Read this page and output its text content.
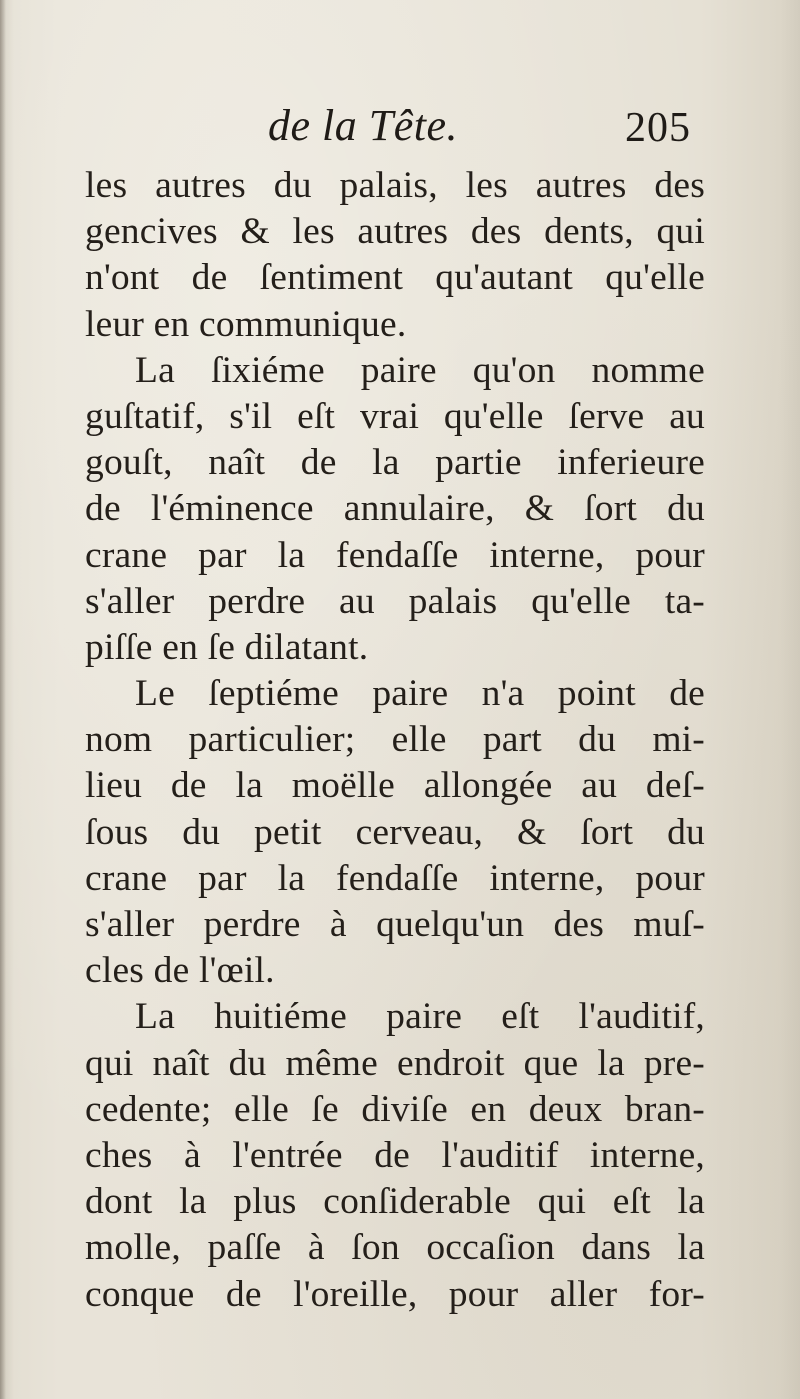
de la Tête.	205
les autres du palais, les autres des
gencives & les autres des dents, qui
n'ont de ſentiment qu'autant qu'elle
leur en communique.
La ſixiéme paire qu'on nomme
guſtatif, s'il eſt vrai qu'elle ſerve au
gouſt, naît de la partie inferieure
de l'éminence annulaire, & ſort du
crane par la fendaſſe interne, pour
s'aller perdre au palais qu'elle ta-
piſſe en ſe dilatant.
Le ſeptiéme paire n'a point de
nom particulier; elle part du mi-
lieu de la moëlle allongée au deſ-
ſous du petit cerveau, & ſort du
crane par la fendaſſe interne, pour
s'aller perdre à quelqu'un des muſ-
cles de l'œil.
La huitiéme paire eſt l'auditif,
qui naît du même endroit que la pre-
cedente; elle ſe diviſe en deux bran-
ches à l'entrée de l'auditif interne,
dont la plus conſiderable qui eſt la
molle, paſſe à ſon occaſion dans la
conque de l'oreille, pour aller for-
